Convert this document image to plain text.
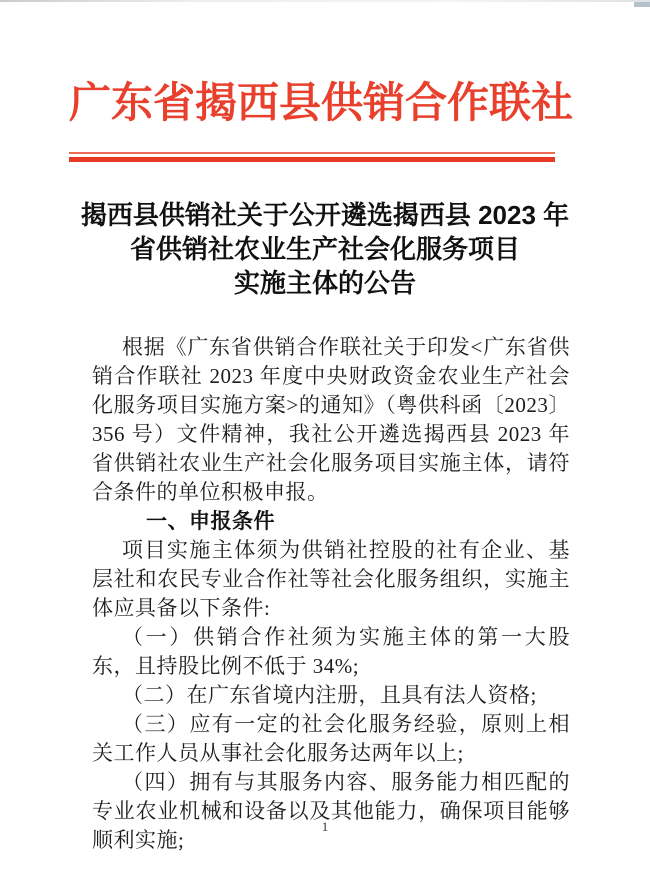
广东省揭西县供销合作联社
揭西县供销社关于公开遴选揭西县 2023 年
省供销社农业生产社会化服务项目
实施主体的公告

根据《广东省供销合作联社关于印发<广东省供销合作联社 2023 年度中央财政资金农业生产社会化服务项目实施方案>的通知》（粤供科函〔2023〕356 号）文件精神，我社公开遴选揭西县 2023 年省供销社农业生产社会化服务项目实施主体，请符合条件的单位积极申报。

一、申报条件

项目实施主体须为供销社控股的社有企业、基层社和农民专业合作社等社会化服务组织，实施主体应具备以下条件:

（一）供销合作社须为实施主体的第一大股东，且持股比例不低于 34%;

（二）在广东省境内注册，且具有法人资格;

（三）应有一定的社会化服务经验，原则上相关工作人员从事社会化服务达两年以上;

（四）拥有与其服务内容、服务能力相匹配的专业农业机械和设备以及其他能力，确保项目能够顺利实施;

1
